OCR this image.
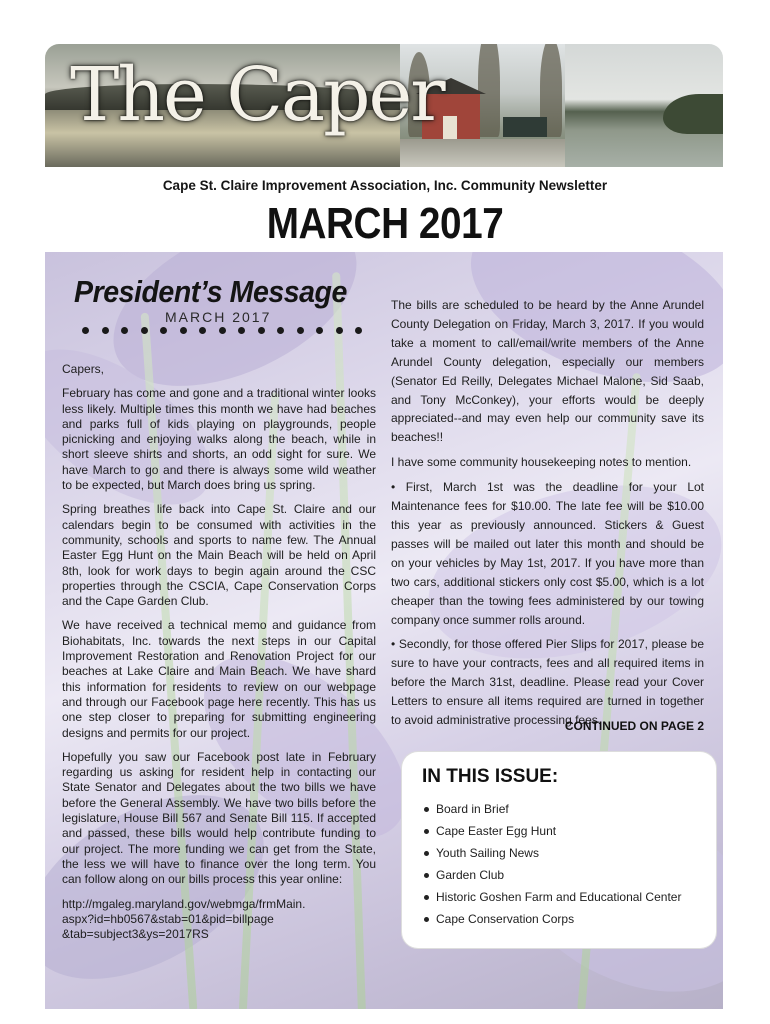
The Caper
Cape St. Claire Improvement Association, Inc. Community Newsletter
MARCH 2017
President’s Message
MARCH 2017

Capers,

February has come and gone and a traditional winter looks less likely. Multiple times this month we have had beaches and parks full of kids playing on playgrounds, people picnicking and enjoying walks along the beach, while in short sleeve shirts and shorts, an odd sight for sure. We have March to go and there is always some wild weather to be expected, but March does bring us spring.

Spring breathes life back into Cape St. Claire and our calendars begin to be consumed with activities in the community, schools and sports to name few. The Annual Easter Egg Hunt on the Main Beach will be held on April 8th, look for work days to begin again around the CSC properties through the CSCIA, Cape Conservation Corps and the Cape Garden Club.

We have received a technical memo and guidance from Biohabitats, Inc. towards the next steps in our Capital Improvement Restoration and Renovation Project for our beaches at Lake Claire and Main Beach. We have shard this information for residents to review on our webpage and through our Facebook page here recently. This has us one step closer to preparing for submitting engineering designs and permits for our project.

Hopefully you saw our Facebook post late in February regarding us asking for resident help in contacting our State Senator and Delegates about the two bills we have before the General Assembly. We have two bills before the legislature, House Bill 567 and Senate Bill 115. If accepted and passed, these bills would help contribute funding to our project. The more funding we can get from the State, the less we will have to finance over the long term. You can follow along on our bills process this year online:

http://mgaleg.maryland.gov/webmga/frmMain.
aspx?id=hb0567&stab=01&pid=billpage
&tab=subject3&ys=2017RS

The bills are scheduled to be heard by the Anne Arundel County Delegation on Friday, March 3, 2017. If you would take a moment to call/email/write members of the Anne Arundel County delegation, especially our members (Senator Ed Reilly, Delegates Michael Malone, Sid Saab, and Tony McConkey), your efforts would be deeply appreciated--and may even help our community save its beaches!!

I have some community housekeeping notes to mention.

• First, March 1st was the deadline for your Lot Maintenance fees for $10.00. The late fee will be $10.00 this year as previously announced. Stickers & Guest passes will be mailed out later this month and should be on your vehicles by May 1st, 2017. If you have more than two cars, additional stickers only cost $5.00, which is a lot cheaper than the towing fees administered by our towing company once summer rolls around.

• Secondly, for those offered Pier Slips for 2017, please be sure to have your contracts, fees and all required items in before the March 31st, deadline. Please read your Cover Letters to ensure all items required are turned in together to avoid administrative processing fees.

CONTINUED ON PAGE 2
IN THIS ISSUE:
Board in Brief
Cape Easter Egg Hunt
Youth Sailing News
Garden Club
Historic Goshen Farm and Educational Center
Cape Conservation Corps
